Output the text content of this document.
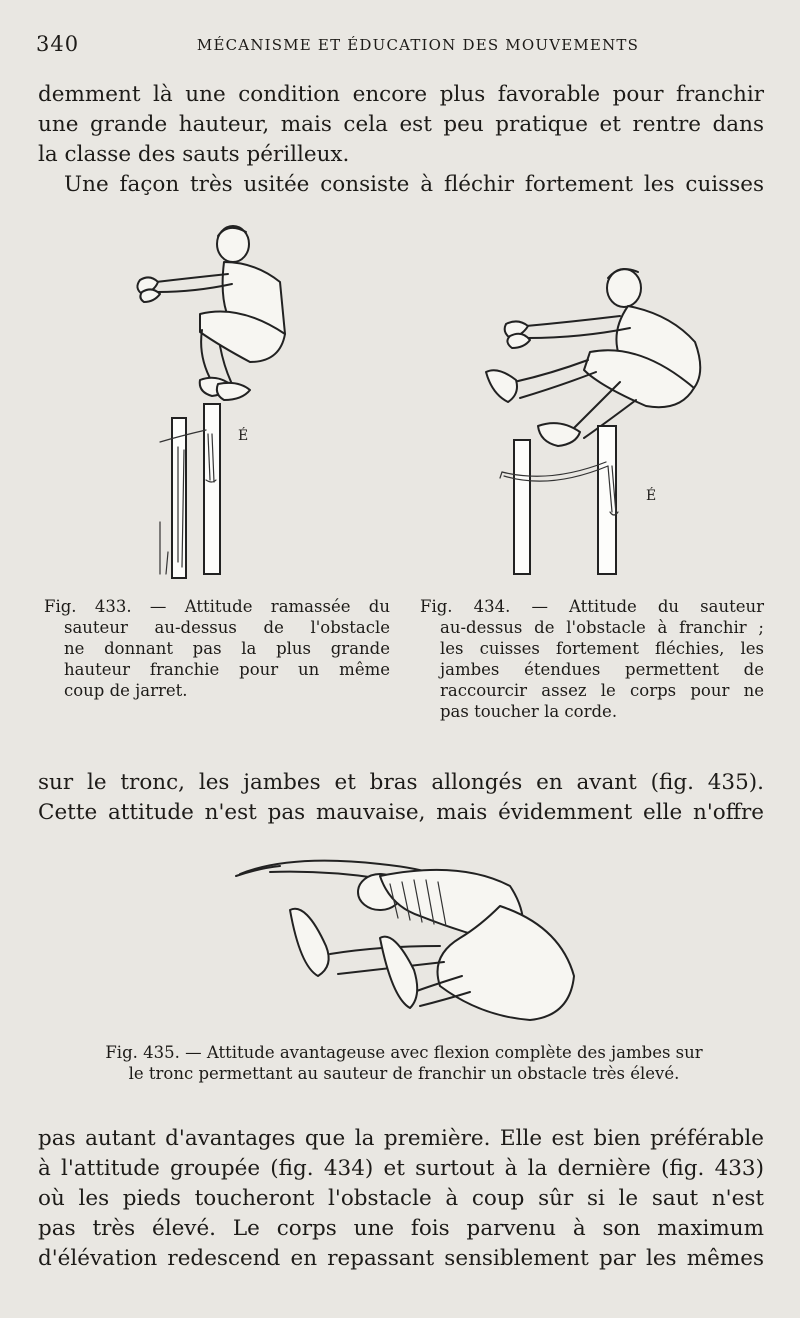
340	MÉCANISME ET ÉDUCATION DES MOUVEMENTS
demment là une condition encore plus favorable pour franchir
une grande hauteur, mais cela est peu pratique et rentre dans
la classe des sauts périlleux.
Une façon très usitée consiste à fléchir fortement les cuisses
É
É
Fig. 433. — Attitude ramassée du
sauteur au-dessus de l'obstacle
ne donnant pas la plus grande
hauteur franchie pour un même
coup de jarret.
Fig. 434. — Attitude du sauteur
au-dessus de l'obstacle à franchir ;
les cuisses fortement fléchies, les
jambes étendues permettent de
raccourcir assez le corps pour ne
pas toucher la corde.
sur le tronc, les jambes et bras allongés en avant (fig. 435).
Cette attitude n'est pas mauvaise, mais évidemment elle n'offre
Fig. 435. — Attitude avantageuse avec flexion complète des jambes sur
le tronc permettant au sauteur de franchir un obstacle très élevé.
pas autant d'avantages que la première. Elle est bien préférable
à l'attitude groupée (fig. 434) et surtout à la dernière (fig. 433)
où les pieds toucheront l'obstacle à coup sûr si le saut n'est
pas très élevé. Le corps une fois parvenu à son maximum
d'élévation redescend en repassant sensiblement par les mêmes
